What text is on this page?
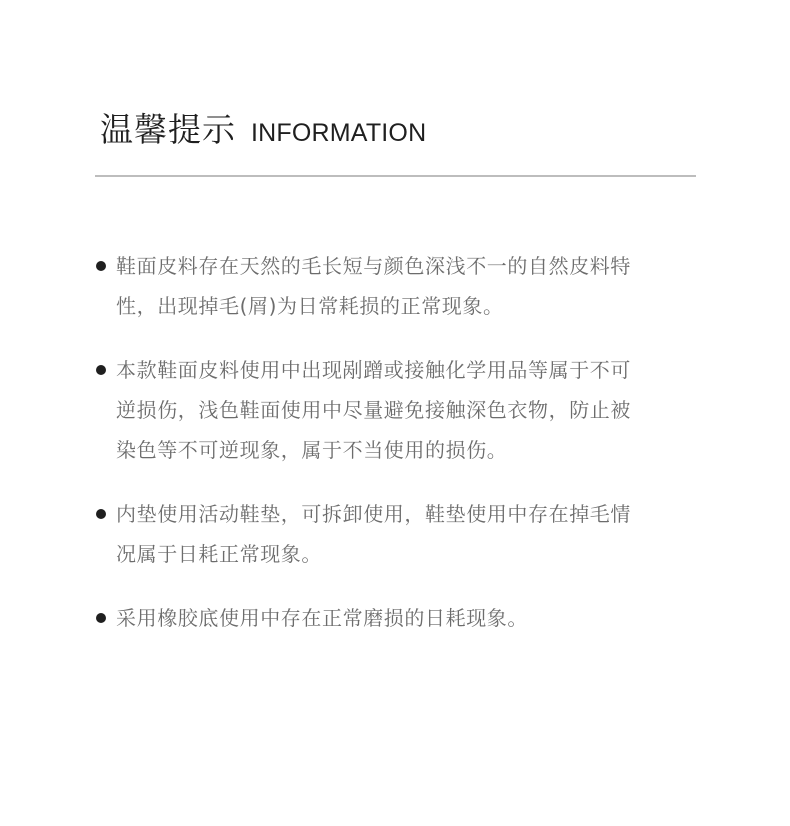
温馨提示 INFORMATION
鞋面皮料存在天然的毛长短与颜色深浅不一的自然皮料特
性，出现掉毛(屑)为日常耗损的正常现象。
本款鞋面皮料使用中出现剐蹭或接触化学用品等属于不可
逆损伤，浅色鞋面使用中尽量避免接触深色衣物，防止被
染色等不可逆现象，属于不当使用的损伤。
内垫使用活动鞋垫，可拆卸使用，鞋垫使用中存在掉毛情
况属于日耗正常现象。
采用橡胶底使用中存在正常磨损的日耗现象。
